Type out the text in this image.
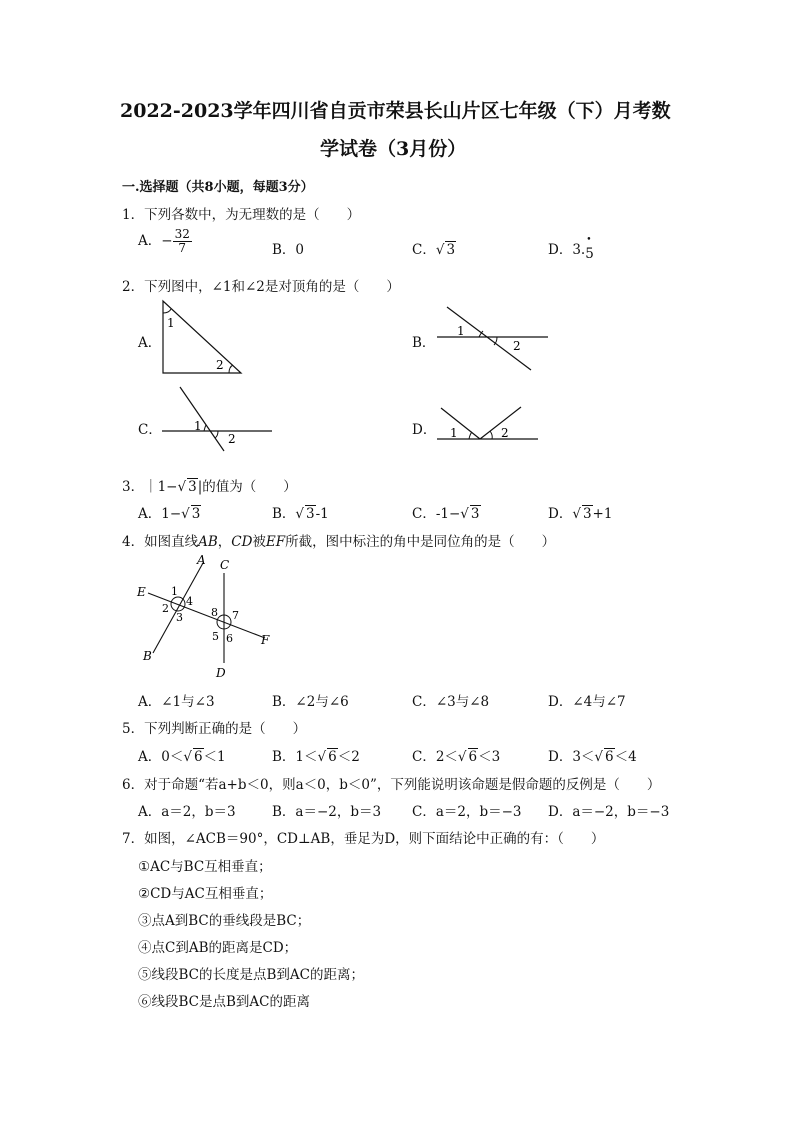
2022-2023学年四川省自贡市荣县长山片区七年级（下）月考数
学试卷（3月份）
一.选择题（共8小题，每题3分）
1．下列各数中，为无理数的是（　　）
A．− $\frac{32}{7}$	B．0	C．√ 3	D．3.• 5
2．下列图中，∠1和∠2是对顶角的是（　　）
A．	B．
C．	D．
1
2
1
2
1
2	1	2
3．｜1−√ 3|的值为（　　）
A．1−√ 3	B．√ 3-1	C．-1−√ 3	D．√ 3+1
4．如图直线AB，CD被EF所截，图中标注的角中是同位角的是（　　）
A C
E
B
D
F
1
2
3
4
8 7
5 6
A．∠1与∠3	B．∠2与∠6	C．∠3与∠8	D．∠4与∠7
5．下列判断正确的是（　　）
A．0＜√ 6＜1	B．1＜√ 6＜2	C．2＜√ 6＜3	D．3＜√ 6＜4
6．对于命题“若a+b＜0，则a＜0，b＜0”，下列能说明该命题是假命题的反例是（　　）
A．a＝2，b＝3	B．a＝−2，b＝3 C．a＝2，b＝−3 D．a＝−2，b＝−3
7．如图，∠ACB＝90°，CD⊥AB，垂足为D，则下面结论中正确的有：（　　）
①AC与BC互相垂直；
②CD与AC互相垂直；
③点A到BC的垂线段是BC；
④点C到AB的距离是CD；
⑤线段BC的长度是点B到AC的距离；
⑥线段BC是点B到AC的距离
